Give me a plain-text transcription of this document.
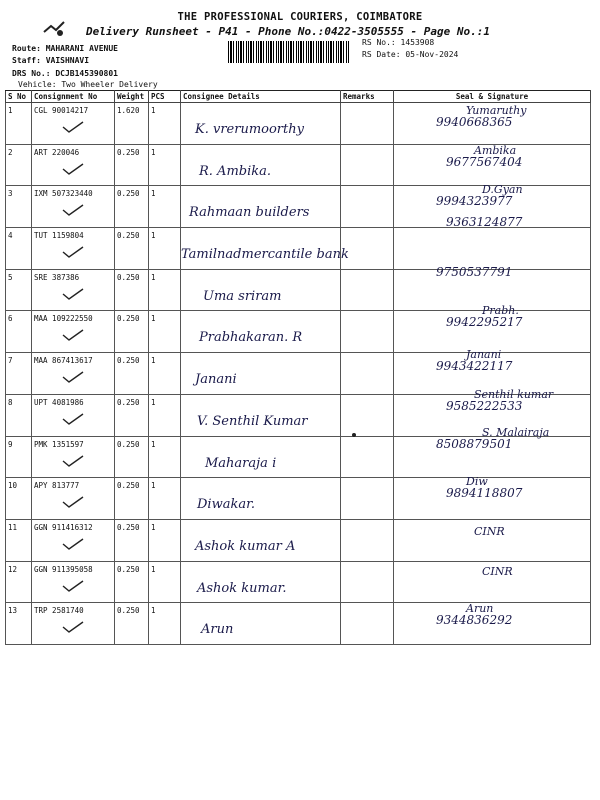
THE PROFESSIONAL COURIERS, COIMBATORE
Delivery Runsheet - P41 - Phone No.:0422-3505555 - Page No.:1
Route: MAHARANI AVENUE
Staff: VAISHNAVI
DRS No.: DCJB145390801
Vehicle: Two Wheeler Delivery
RS No.: 1453908
RS Date: 05-Nov-2024
S No	Consignment No	Weight	PCS	Consignee Details	Remarks	Seal & Signature
1	CGL 90014217	1.620	1	K. vrerumoorthy		Yumaruthy
9940668365

2	ART 220046	0.250	1	R. Ambika.		Ambika
9677567404

3	IXM 507323440	0.250	1	Rahmaan builders		D.Gyan
9994323977

4	TUT 1159804	0.250	1	Tamilnadmercantile bank		9363124877

5	SRE 387386	0.250	1	Uma sriram		9750537791

6	MAA 109222550	0.250	1	Prabhakaran. R		Prabh.
9942295217

7	MAA 867413617	0.250	1	Janani		Janani
9943422117

8	UPT 4081986	0.250	1	V. Senthil Kumar		Senthil kumar
9585222533

9	PMK 1351597	0.250	1	Maharaja i		S. Malairaja
8508879501

10	APY 813777	0.250	1	Diwakar.		Diw
9894118807

11	GGN 911416312	0.250	1	Ashok kumar A		CINR

12	GGN 911395058	0.250	1	Ashok kumar.		CINR

13	TRP 2581740	0.250	1	Arun		Arun
9344836292
